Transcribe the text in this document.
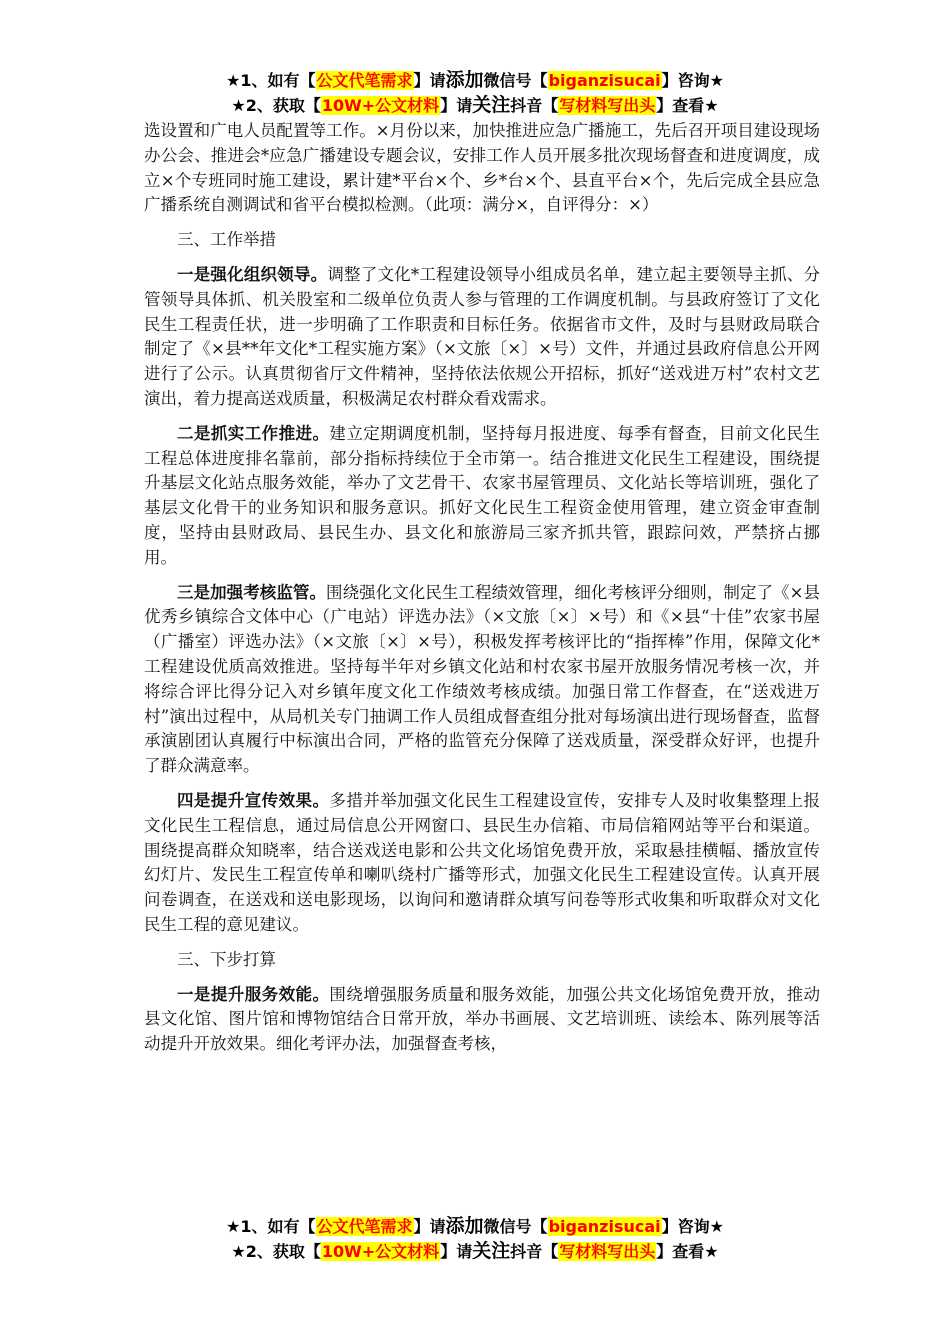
★1、如有【公文代笔需求】请添加微信号【biganzisucai】咨询★
★2、获取【10W+公文材料】请关注抖音【写材料写出头】查看★

选设置和广电人员配置等工作。×月份以来，加快推进应急广播施工，先后召开项目建设现场办公会、推进会*应急广播建设专题会议，安排工作人员开展多批次现场督查和进度调度，成立×个专班同时施工建设，累计建*平台×个、乡*台×个、县直平台×个，先后完成全县应急广播系统自测调试和省平台模拟检测。（此项：满分×，自评得分：×）

三、工作举措

一是强化组织领导。调整了文化*工程建设领导小组成员名单，建立起主要领导主抓、分管领导具体抓、机关股室和二级单位负责人参与管理的工作调度机制。与县政府签订了文化民生工程责任状，进一步明确了工作职责和目标任务。依据省市文件，及时与县财政局联合制定了《×县**年文化*工程实施方案》（×文旅〔×〕×号）文件，并通过县政府信息公开网进行了公示。认真贯彻省厅文件精神，坚持依法依规公开招标，抓好“送戏进万村”农村文艺演出，着力提高送戏质量，积极满足农村群众看戏需求。

二是抓实工作推进。建立定期调度机制，坚持每月报进度、每季有督查，目前文化民生工程总体进度排名靠前，部分指标持续位于全市第一。结合推进文化民生工程建设，围绕提升基层文化站点服务效能，举办了文艺骨干、农家书屋管理员、文化站长等培训班，强化了基层文化骨干的业务知识和服务意识。抓好文化民生工程资金使用管理，建立资金审查制度，坚持由县财政局、县民生办、县文化和旅游局三家齐抓共管，跟踪问效，严禁挤占挪用。

三是加强考核监管。围绕强化文化民生工程绩效管理，细化考核评分细则，制定了《×县优秀乡镇综合文体中心（广电站）评选办法》（×文旅〔×〕×号）和《×县“十佳”农家书屋（广播室）评选办法》（×文旅〔×〕×号），积极发挥考核评比的“指挥棒”作用，保障文化*工程建设优质高效推进。坚持每半年对乡镇文化站和村农家书屋开放服务情况考核一次，并将综合评比得分记入对乡镇年度文化工作绩效考核成绩。加强日常工作督查，在“送戏进万村”演出过程中，从局机关专门抽调工作人员组成督查组分批对每场演出进行现场督查，监督承演剧团认真履行中标演出合同，严格的监管充分保障了送戏质量，深受群众好评，也提升了群众满意率。

四是提升宣传效果。多措并举加强文化民生工程建设宣传，安排专人及时收集整理上报文化民生工程信息，通过局信息公开网窗口、县民生办信箱、市局信箱网站等平台和渠道。围绕提高群众知晓率，结合送戏送电影和公共文化场馆免费开放，采取悬挂横幅、播放宣传幻灯片、发民生工程宣传单和喇叭绕村广播等形式，加强文化民生工程建设宣传。认真开展问卷调查，在送戏和送电影现场，以询问和邀请群众填写问卷等形式收集和听取群众对文化民生工程的意见建议。

三、下步打算

一是提升服务效能。围绕增强服务质量和服务效能，加强公共文化场馆免费开放，推动县文化馆、图片馆和博物馆结合日常开放，举办书画展、文艺培训班、读绘本、陈列展等活动提升开放效果。细化考评办法，加强督查考核，

★1、如有【公文代笔需求】请添加微信号【biganzisucai】咨询★
★2、获取【10W+公文材料】请关注抖音【写材料写出头】查看★
